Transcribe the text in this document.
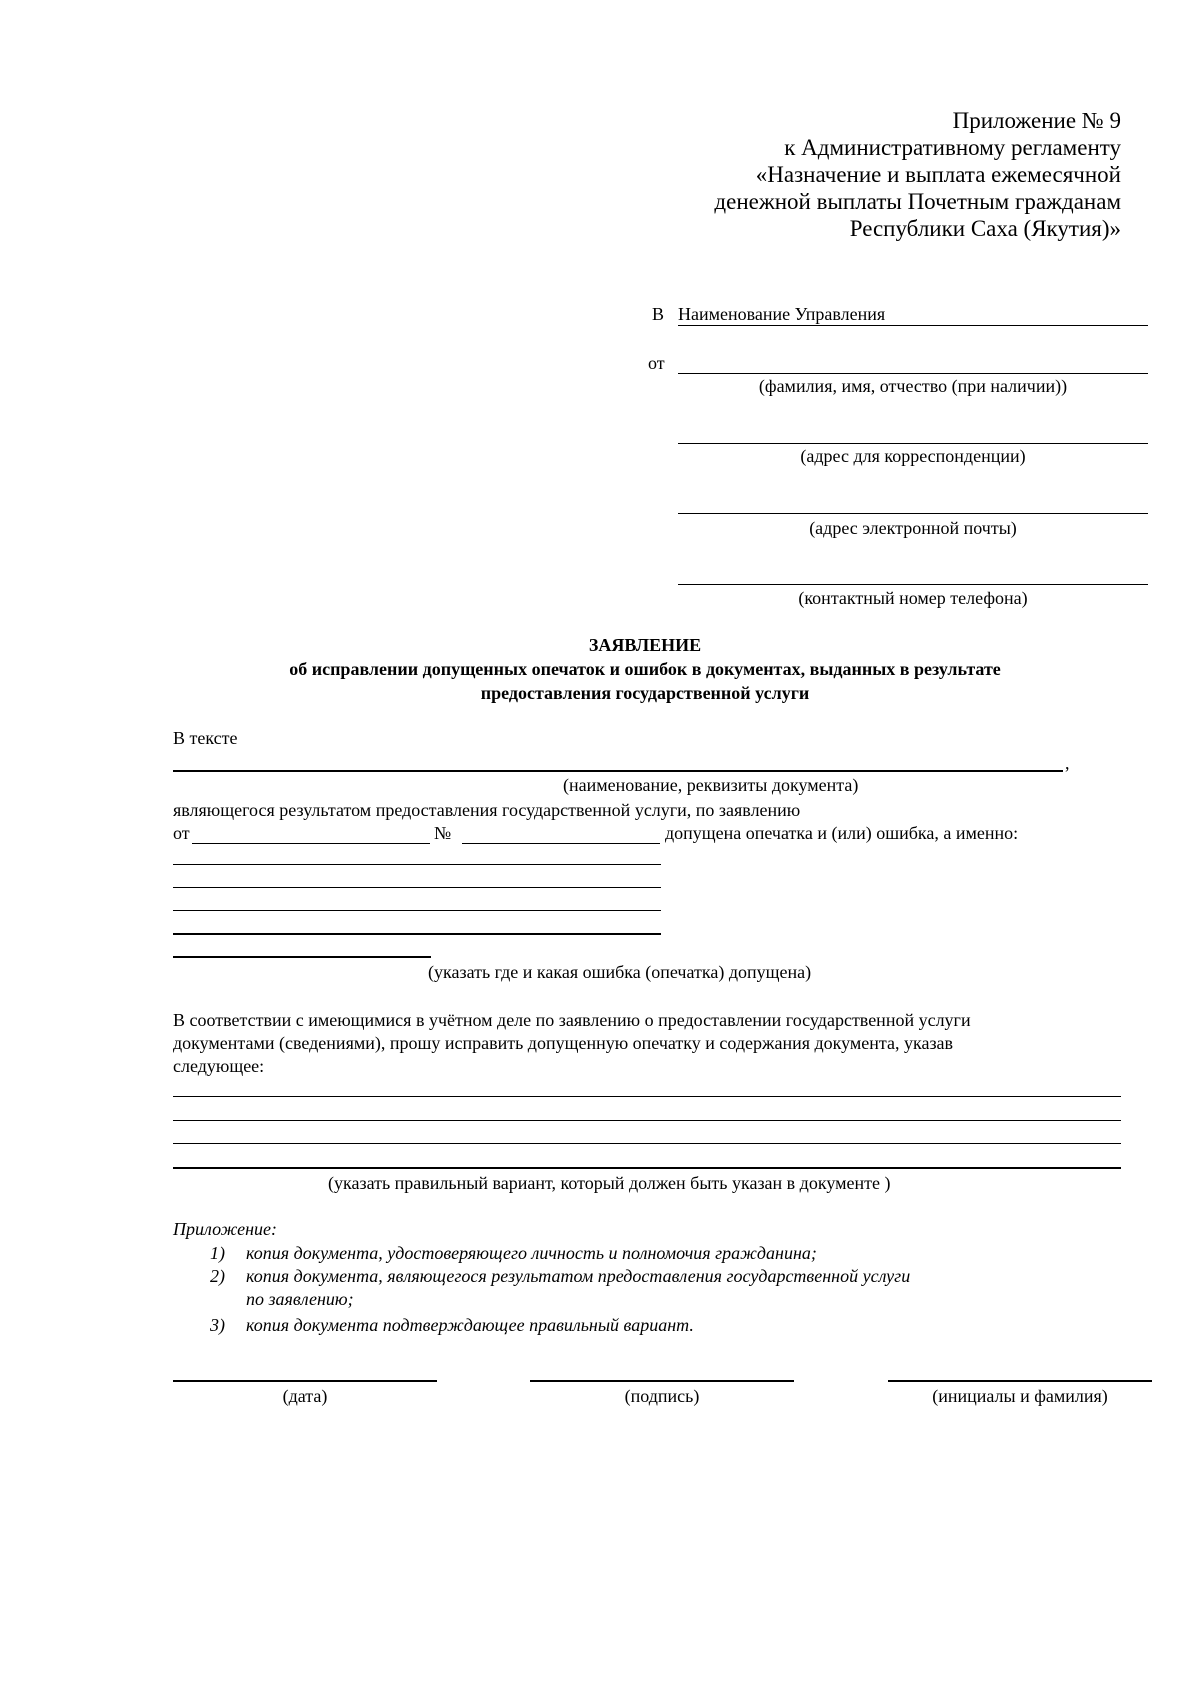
Приложение № 9
к Административному регламенту
«Назначение и выплата ежемесячной
денежной выплаты Почетным гражданам
Республики Саха (Якутия)»
В Наименование Управления
от
(фамилия, имя, отчество (при наличии))
(адрес для корреспонденции)
(адрес электронной почты)
(контактный номер телефона)
ЗАЯВЛЕНИЕ
об исправлении допущенных опечаток и ошибок в документах, выданных в результате
предоставления государственной услуги
В тексте
,
(наименование, реквизиты документа)
являющегося результатом предоставления государственной услуги, по заявлению
от	№	допущена опечатка и (или) ошибка, а именно:
(указать где и какая ошибка (опечатка) допущена)
В соответствии с имеющимися в учётном деле по заявлению о предоставлении государственной услуги
документами (сведениями), прошу исправить допущенную опечатку и содержания документа, указав
следующее:
(указать правильный вариант, который должен быть указан в документе )
Приложение:
1) копия документа, удостоверяющего личность и полномочия гражданина;
2) копия документа, являющегося результатом предоставления государственной услуги
по заявлению;
3) копия документа подтверждающее правильный вариант.
(дата)	(подпись)	(инициалы и фамилия)
